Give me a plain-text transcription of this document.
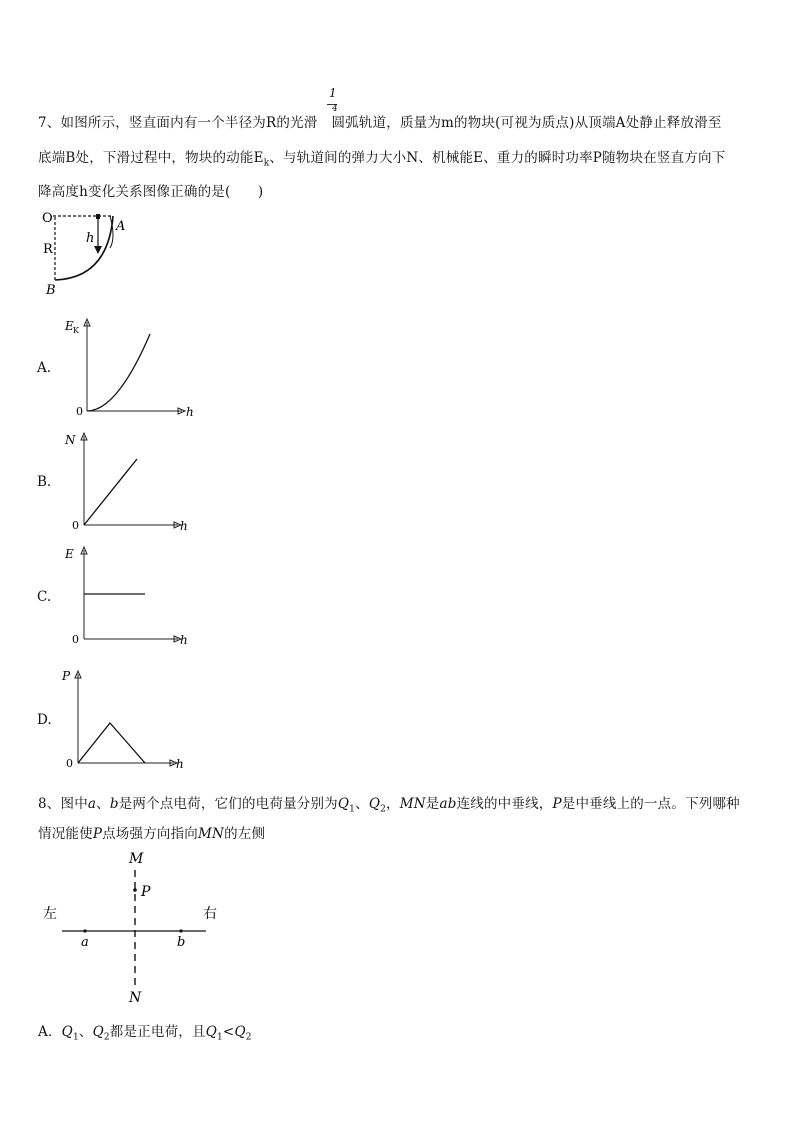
1
4
7、如图所示，竖直面内有一个半径为R的光滑 圆弧轨道，质量为m的物块(可视为质点)从顶端A处静止释放滑至
底端B处，下滑过程中，物块的动能$E_k$、与轨道间的弹力大小N、机械能E、重力的瞬时功率P随物块在竖直方向下
降高度h变化关系图像正确的是(　　)
O
R
h
A
B
A.
E K
h
0
B.
N
h
0
C.
E
h
0
D.
P
h
0
8、图中a、b是两个点电荷，它们的电荷量分别为$Q_1$、$Q_2$，MN是ab连线的中垂线，P是中垂线上的一点。下列哪种
情况能使P点场强方向指向MN的左侧
M
P
左	右
a	b
N
A．$Q_1$、$Q_2$都是正电荷，且$Q_1<Q_2$
